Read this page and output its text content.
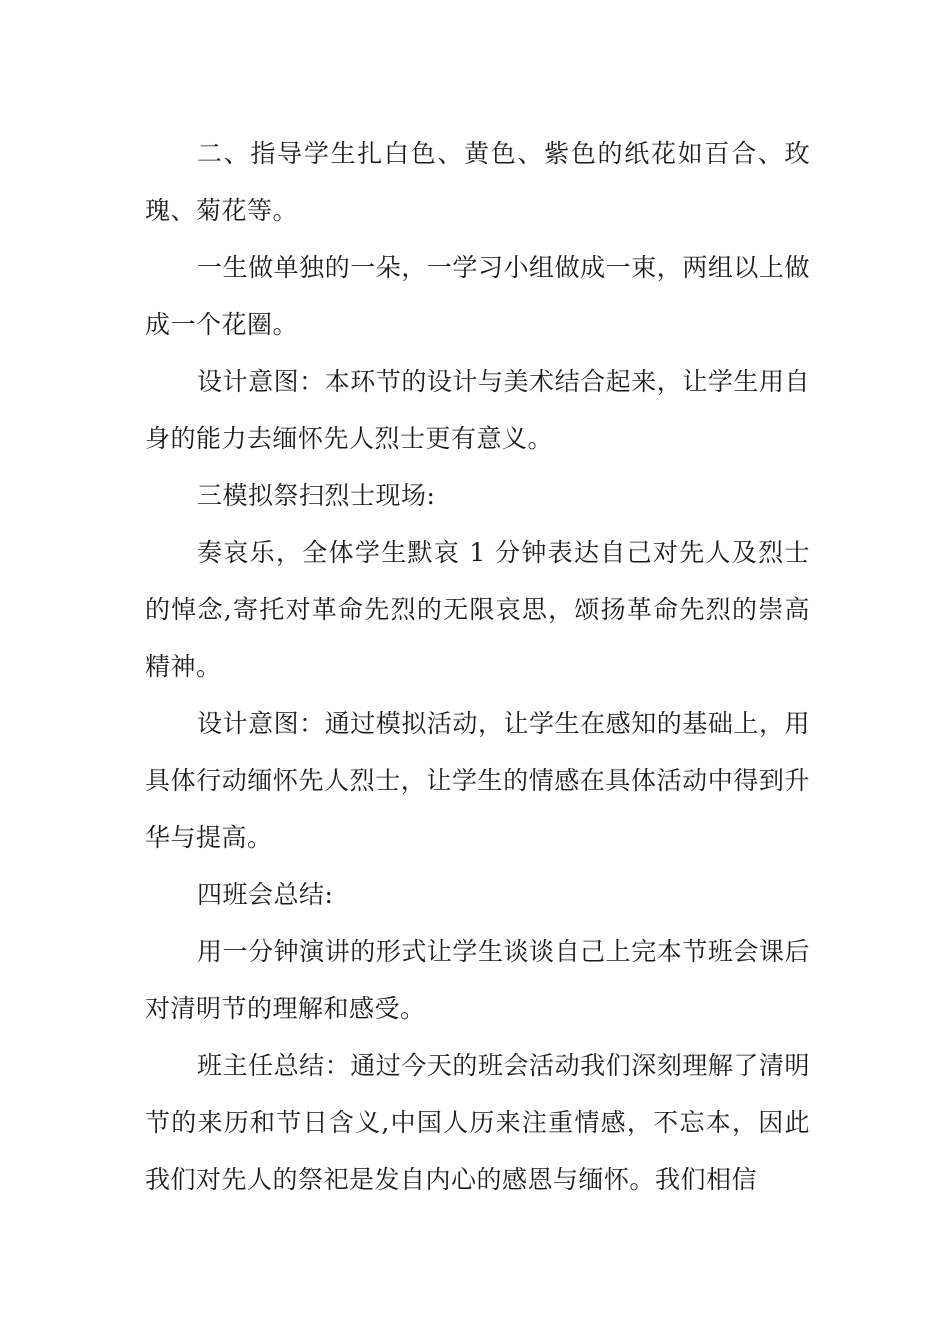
二、指导学生扎白色、黄色、紫色的纸花如百合、玫瑰、菊花等。

一生做单独的一朵，一学习小组做成一束，两组以上做成一个花圈。

设计意图：本环节的设计与美术结合起来，让学生用自身的能力去缅怀先人烈士更有意义。

三模拟祭扫烈士现场:

奏哀乐，全体学生默哀 1 分钟表达自己对先人及烈士的悼念,寄托对革命先烈的无限哀思，颂扬革命先烈的崇高精神。

设计意图：通过模拟活动，让学生在感知的基础上，用具体行动缅怀先人烈士，让学生的情感在具体活动中得到升华与提高。

四班会总结:

用一分钟演讲的形式让学生谈谈自己上完本节班会课后对清明节的理解和感受。

班主任总结：通过今天的班会活动我们深刻理解了清明节的来历和节日含义,中国人历来注重情感，不忘本，因此我们对先人的祭祀是发自内心的感恩与缅怀。我们相信
